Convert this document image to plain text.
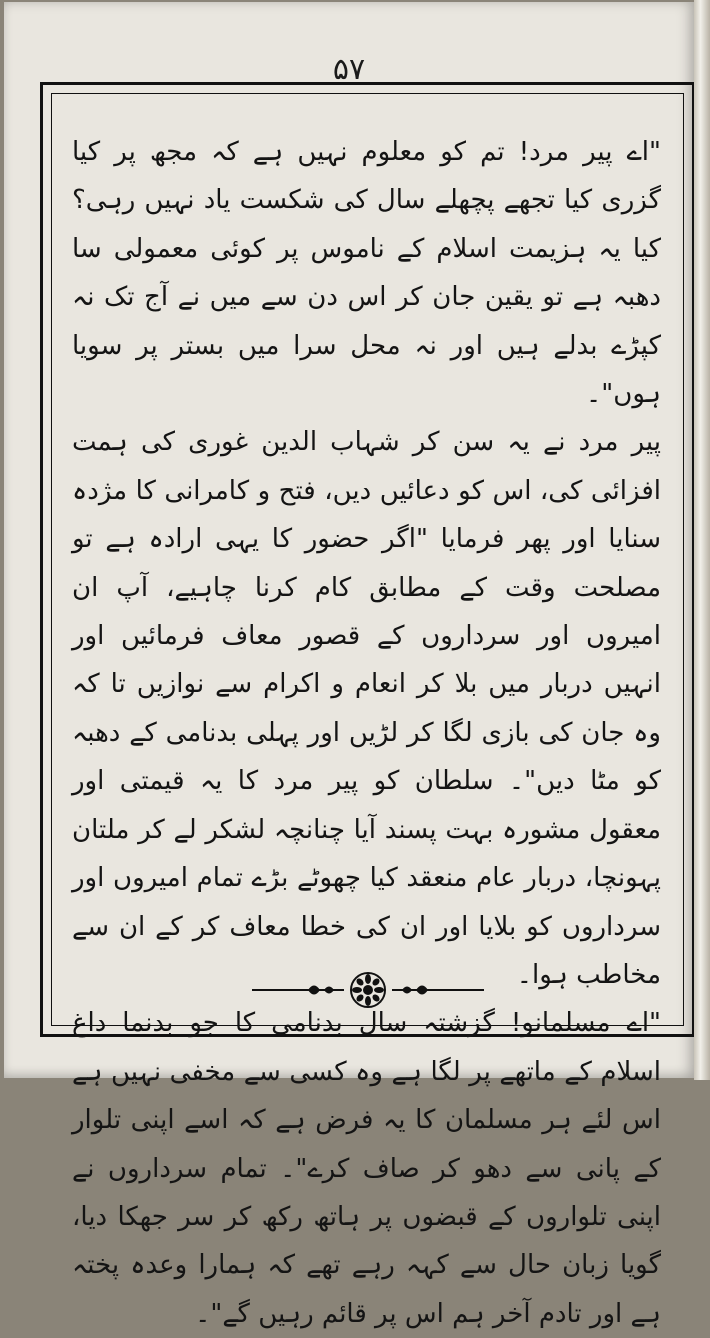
۵۷

"اے پیر مرد! تم کو معلوم نہیں ہے کہ مجھ پر کیا گزری کیا تجھے پچھلے سال کی شکست یاد نہیں رہی؟ کیا یہ ہزیمت اسلام کے ناموس پر کوئی معمولی سا دھبہ ہے تو یقین جان کر اس دن سے میں نے آج تک نہ کپڑے بدلے ہیں اور نہ محل سرا میں بستر پر سویا ہوں"۔

پیر مرد نے یہ سن کر شہاب الدین غوری کی ہمت افزائی کی، اس کو دعائیں دیں، فتح و کامرانی کا مژدہ سنایا اور پھر فرمایا "اگر حضور کا یہی ارادہ ہے تو مصلحت وقت کے مطابق کام کرنا چاہیے، آپ ان امیروں اور سرداروں کے قصور معاف فرمائیں اور انہیں دربار میں بلا کر انعام و اکرام سے نوازیں تا کہ وہ جان کی بازی لگا کر لڑیں اور پہلی بدنامی کے دھبہ کو مٹا دیں"۔ سلطان کو پیر مرد کا یہ قیمتی اور معقول مشورہ بہت پسند آیا چنانچہ لشکر لے کر ملتان پہونچا، دربار عام منعقد کیا چھوٹے بڑے تمام امیروں اور سرداروں کو بلایا اور ان کی خطا معاف کر کے ان سے مخاطب ہوا۔

"اے مسلمانو! گزشتہ سال بدنامی کا جو بدنما داغ اسلام کے ماتھے پر لگا ہے وہ کسی سے مخفی نہیں ہے اس لئے ہر مسلمان کا یہ فرض ہے کہ اسے اپنی تلوار کے پانی سے دھو کر صاف کرے"۔ تمام سرداروں نے اپنی تلواروں کے قبضوں پر ہاتھ رکھ کر سر جھکا دیا، گویا زبان حال سے کہہ رہے تھے کہ ہمارا وعدہ پختہ ہے اور تادم آخر ہم اس پر قائم رہیں گے"۔
